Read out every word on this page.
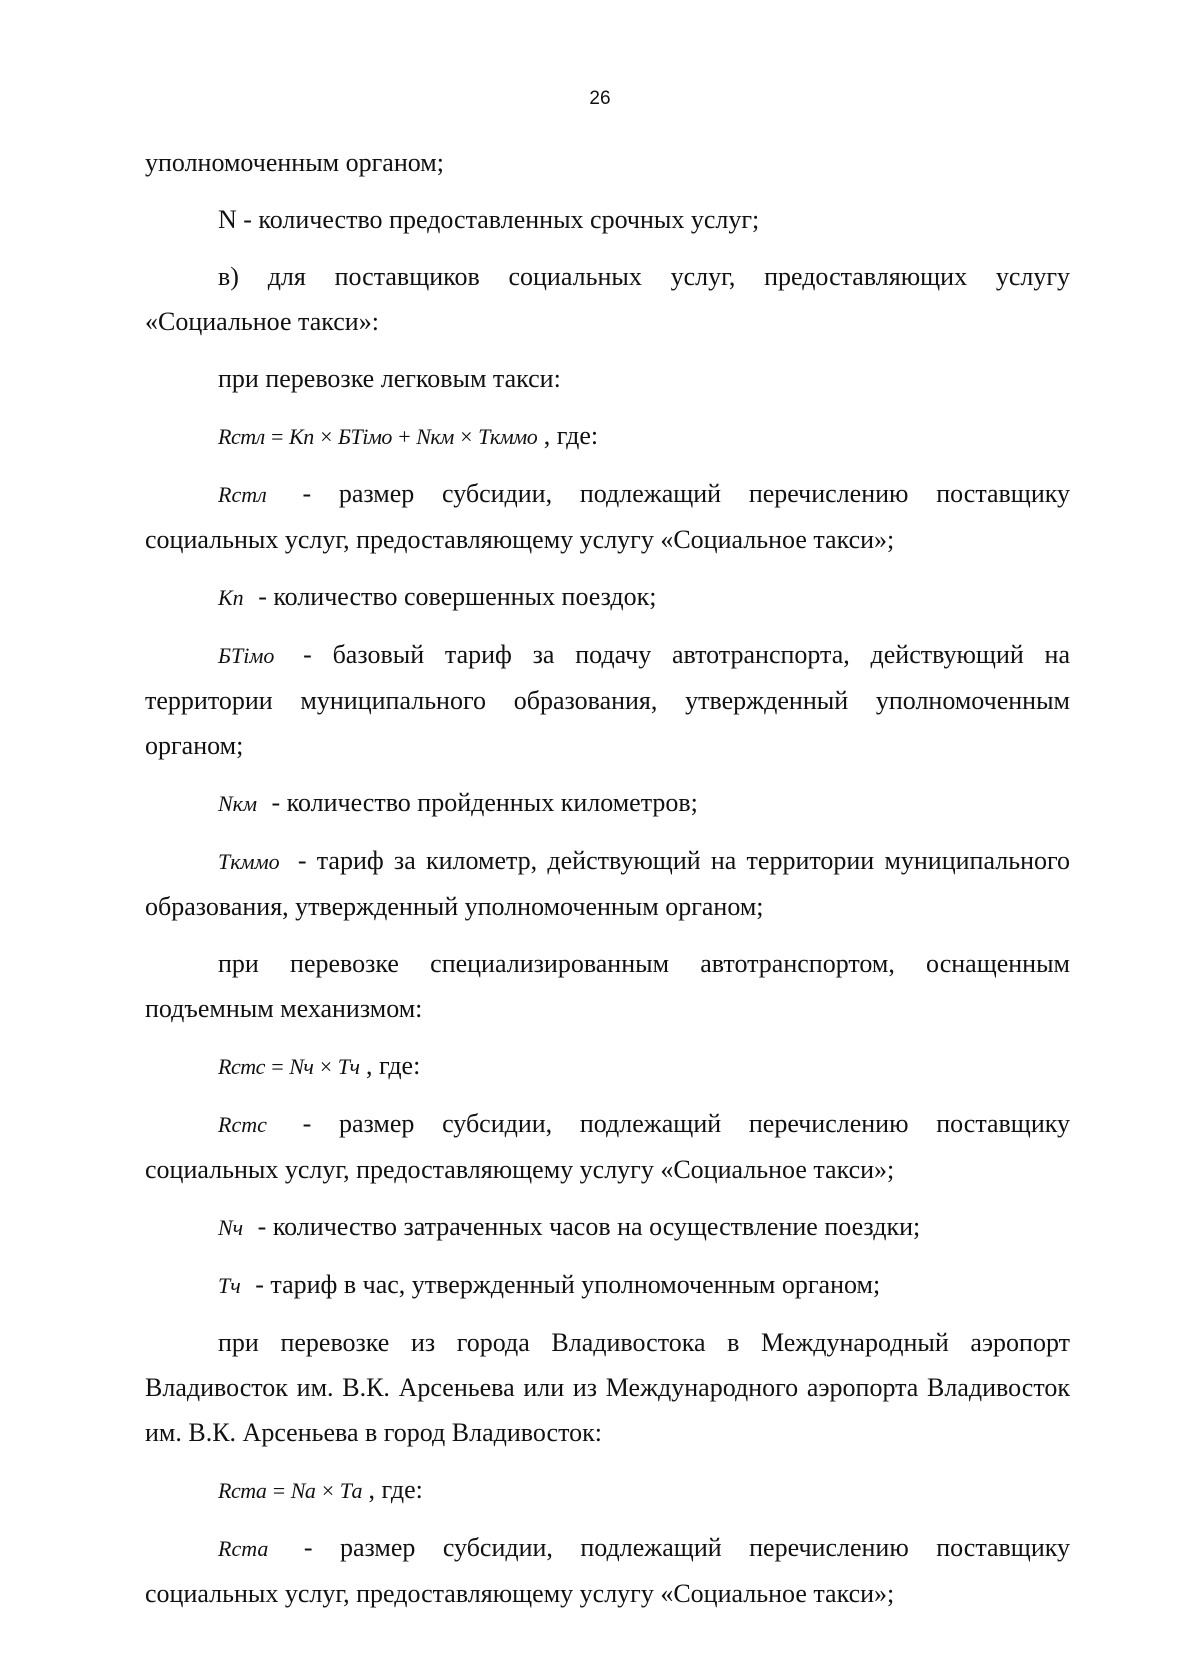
26

уполномоченным органом;

N - количество предоставленных срочных услуг;

в) для поставщиков социальных услуг, предоставляющих услугу «Социальное такси»:

при перевозке легковым такси:

Rстл = Kп × БТімо + Nкм × Tкммо , где:

Rстл - размер субсидии, подлежащий перечислению поставщику социальных услуг, предоставляющему услугу «Социальное такси»;

Kп - количество совершенных поездок;

БТімо - базовый тариф за подачу автотранспорта, действующий на территории муниципального образования, утвержденный уполномоченным органом;

Nкм - количество пройденных километров;

Tкммо - тариф за километр, действующий на территории муниципального образования, утвержденный уполномоченным органом;

при перевозке специализированным автотранспортом, оснащенным подъемным механизмом:

Rстс = Nч × Tч , где:

Rстс - размер субсидии, подлежащий перечислению поставщику социальных услуг, предоставляющему услугу «Социальное такси»;

Nч - количество затраченных часов на осуществление поездки;

Tч - тариф в час, утвержденный уполномоченным органом;

при перевозке из города Владивостока в Международный аэропорт Владивосток им. В.К. Арсеньева или из Международного аэропорта Владивосток им. В.К. Арсеньева в город Владивосток:

Rста = Nа × Tа , где:

Rста - размер субсидии, подлежащий перечислению поставщику социальных услуг, предоставляющему услугу «Социальное такси»;
